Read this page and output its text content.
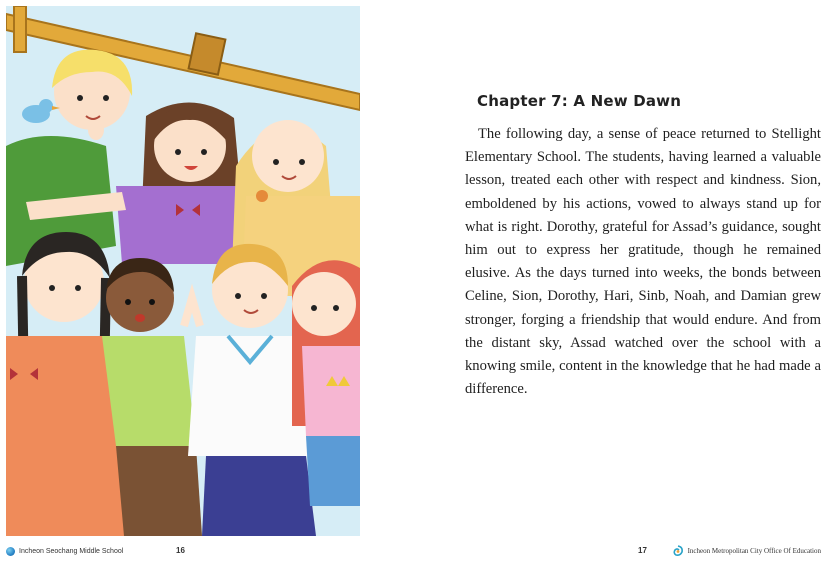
Incheon Seochang Middle School	16
Chapter 7: A New Dawn

The following day, a sense of peace returned to Stellight Elementary School. The students, having learned a valuable lesson, treated each other with respect and kindness. Sion, emboldened by his actions, vowed to always stand up for what is right. Dorothy, grateful for Assad’s guidance, sought him out to express her gratitude, though he remained elusive. As the days turned into weeks, the bonds between Celine, Sion, Dorothy, Hari, Sinb, Noah, and Damian grew stronger, forging a friendship that would endure. And from the distant sky, Assad watched over the school with a knowing smile, content in the knowledge that he had made a difference.

17	Incheon Metropolitan City Office Of Education
